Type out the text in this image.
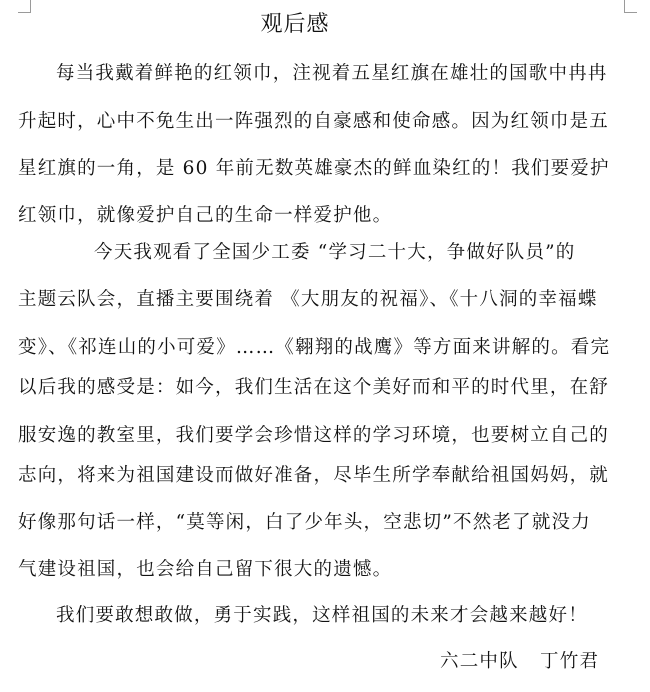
观后感
每当我戴着鲜艳的红领巾，注视着五星红旗在雄壮的国歌中冉冉
升起时，心中不免生出一阵强烈的自豪感和使命感。因为红领巾是五
星红旗的一角，是 60 年前无数英雄豪杰的鲜血染红的！我们要爱护
红领巾，就像爱护自己的生命一样爱护他。
今天我观看了全国少工委 “学习二十大，争做好队员”的
主题云队会，直播主要围绕着 《大朋友的祝福》、《十八洞的幸福蝶
变》、《祁连山的小可爱》……《翱翔的战鹰》等方面来讲解的。看完
以后我的感受是：如今，我们生活在这个美好而和平的时代里，在舒
服安逸的教室里，我们要学会珍惜这样的学习环境，也要树立自己的
志向，将来为祖国建设而做好准备，尽毕生所学奉献给祖国妈妈，就
好像那句话一样，“莫等闲，白了少年头，空悲切”不然老了就没力
气建设祖国，也会给自己留下很大的遗憾。
我们要敢想敢做，勇于实践，这样祖国的未来才会越来越好！
六二中队   丁竹君
